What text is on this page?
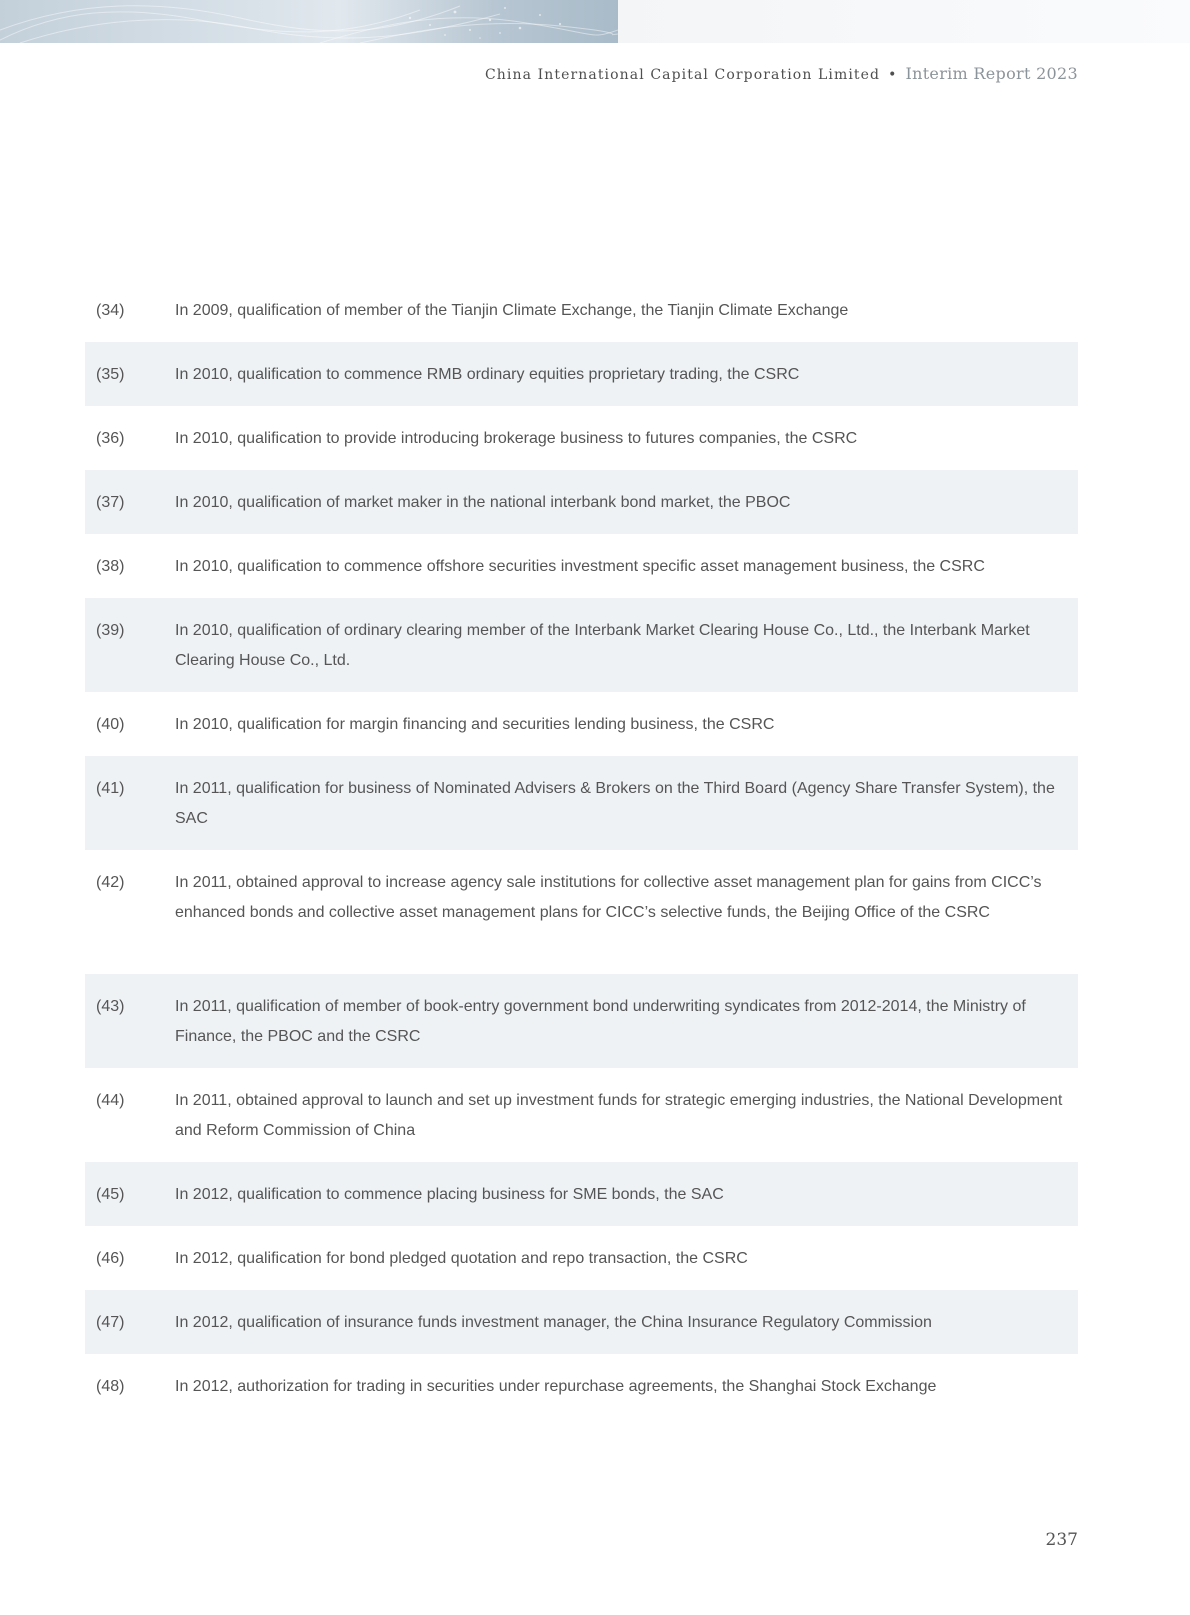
China International Capital Corporation Limited • Interim Report 2023
(34)	In 2009, qualification of member of the Tianjin Climate Exchange, the Tianjin Climate Exchange
(35)	In 2010, qualification to commence RMB ordinary equities proprietary trading, the CSRC
(36)	In 2010, qualification to provide introducing brokerage business to futures companies, the CSRC
(37)	In 2010, qualification of market maker in the national interbank bond market, the PBOC
(38)	In 2010, qualification to commence offshore securities investment specific asset management business, the CSRC
(39)	In 2010, qualification of ordinary clearing member of the Interbank Market Clearing House Co., Ltd., the Interbank Market Clearing House Co., Ltd.
(40)	In 2010, qualification for margin financing and securities lending business, the CSRC
(41)	In 2011, qualification for business of Nominated Advisers & Brokers on the Third Board (Agency Share Transfer System), the SAC
(42)	In 2011, obtained approval to increase agency sale institutions for collective asset management plan for gains from CICC’s enhanced bonds and collective asset management plans for CICC’s selective funds, the Beijing Office of the CSRC
(43)	In 2011, qualification of member of book-entry government bond underwriting syndicates from 2012-2014, the Ministry of Finance, the PBOC and the CSRC
(44)	In 2011, obtained approval to launch and set up investment funds for strategic emerging industries, the National Development and Reform Commission of China
(45)	In 2012, qualification to commence placing business for SME bonds, the SAC
(46)	In 2012, qualification for bond pledged quotation and repo transaction, the CSRC
(47)	In 2012, qualification of insurance funds investment manager, the China Insurance Regulatory Commission
(48)	In 2012, authorization for trading in securities under repurchase agreements, the Shanghai Stock Exchange
237
